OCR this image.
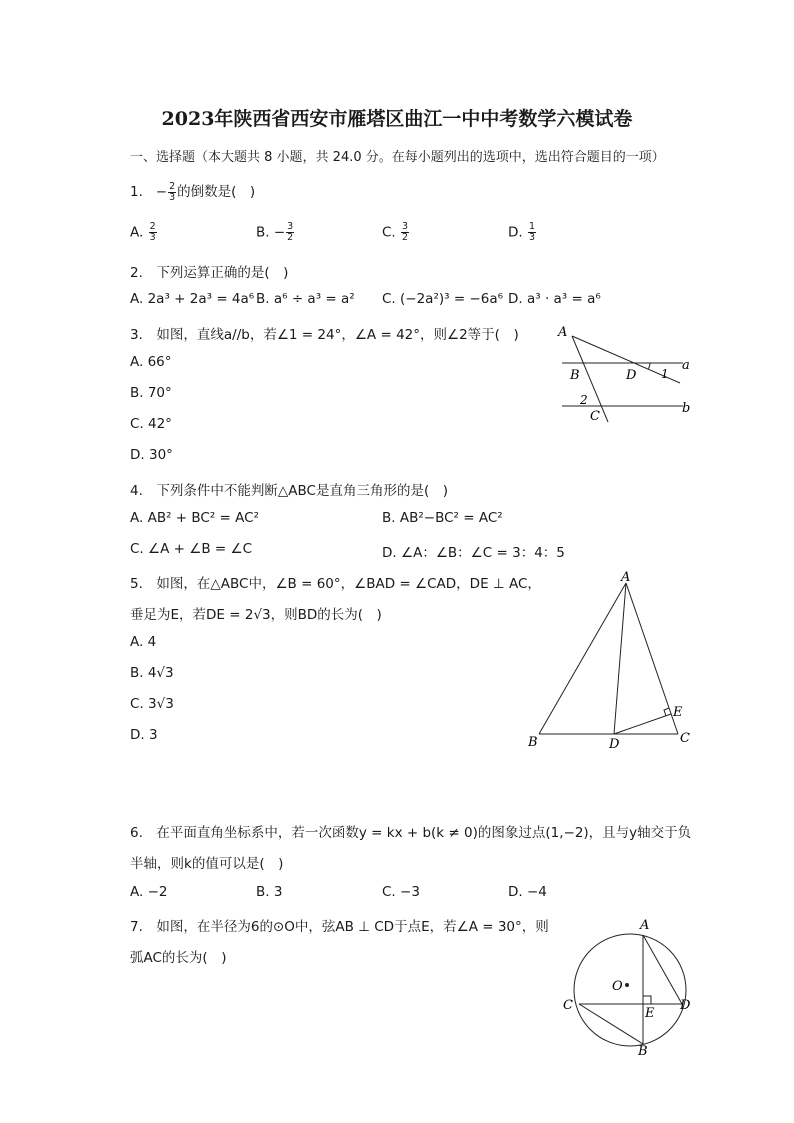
2023年陕西省西安市雁塔区曲江一中中考数学六模试卷
一、选择题（本大题共 8 小题，共 24.0 分。在每小题列出的选项中，选出符合题目的一项）
1. − $\frac{2}{3}$ 的倒数是(　)
A. $\frac{2}{3}$	B. − $\frac{3}{2}$	C. $\frac{3}{2}$	D. $\frac{1}{3}$
2.　下列运算正确的是(　)
A. 2a³ + 2a³ = 4a⁶ B. a⁶ ÷ a³ = a² C. (−2a²)³ = −6a⁶ D. a³ · a³ = a⁶
3.　如图，直线a//b，若∠1 = 24°，∠A = 42°，则∠2等于(　)
A. 66°
B. 70°
C. 42°
D. 30°
A
B	D 1
a
2
b
C
4.　下列条件中不能判断△ABC是直角三角形的是(　)
A. AB² + BC² = AC²	B. AB²−BC² = AC²
C. ∠A + ∠B = ∠C	D. ∠A：∠B：∠C = 3：4：5
5.　如图，在△ABC中，∠B = 60°，∠BAD = ∠CAD，DE ⊥ AC，
垂足为E，若DE = 2√3，则BD的长为(　)
A. 4
B. 4√3
C. 3√3
D. 3
A
B	D	C
E
6.　在平面直角坐标系中，若一次函数y = kx + b(k ≠ 0)的图象过点(1,−2)，且与y轴交于负
半轴，则k的值可以是(　)
A. −2	B. 3	C. −3	D. −4
7.　如图，在半径为6的⊙O中，弦AB ⊥ CD于点E，若∠A = 30°，则
弧AC的长为(　)
A
O
C	D
E
B
